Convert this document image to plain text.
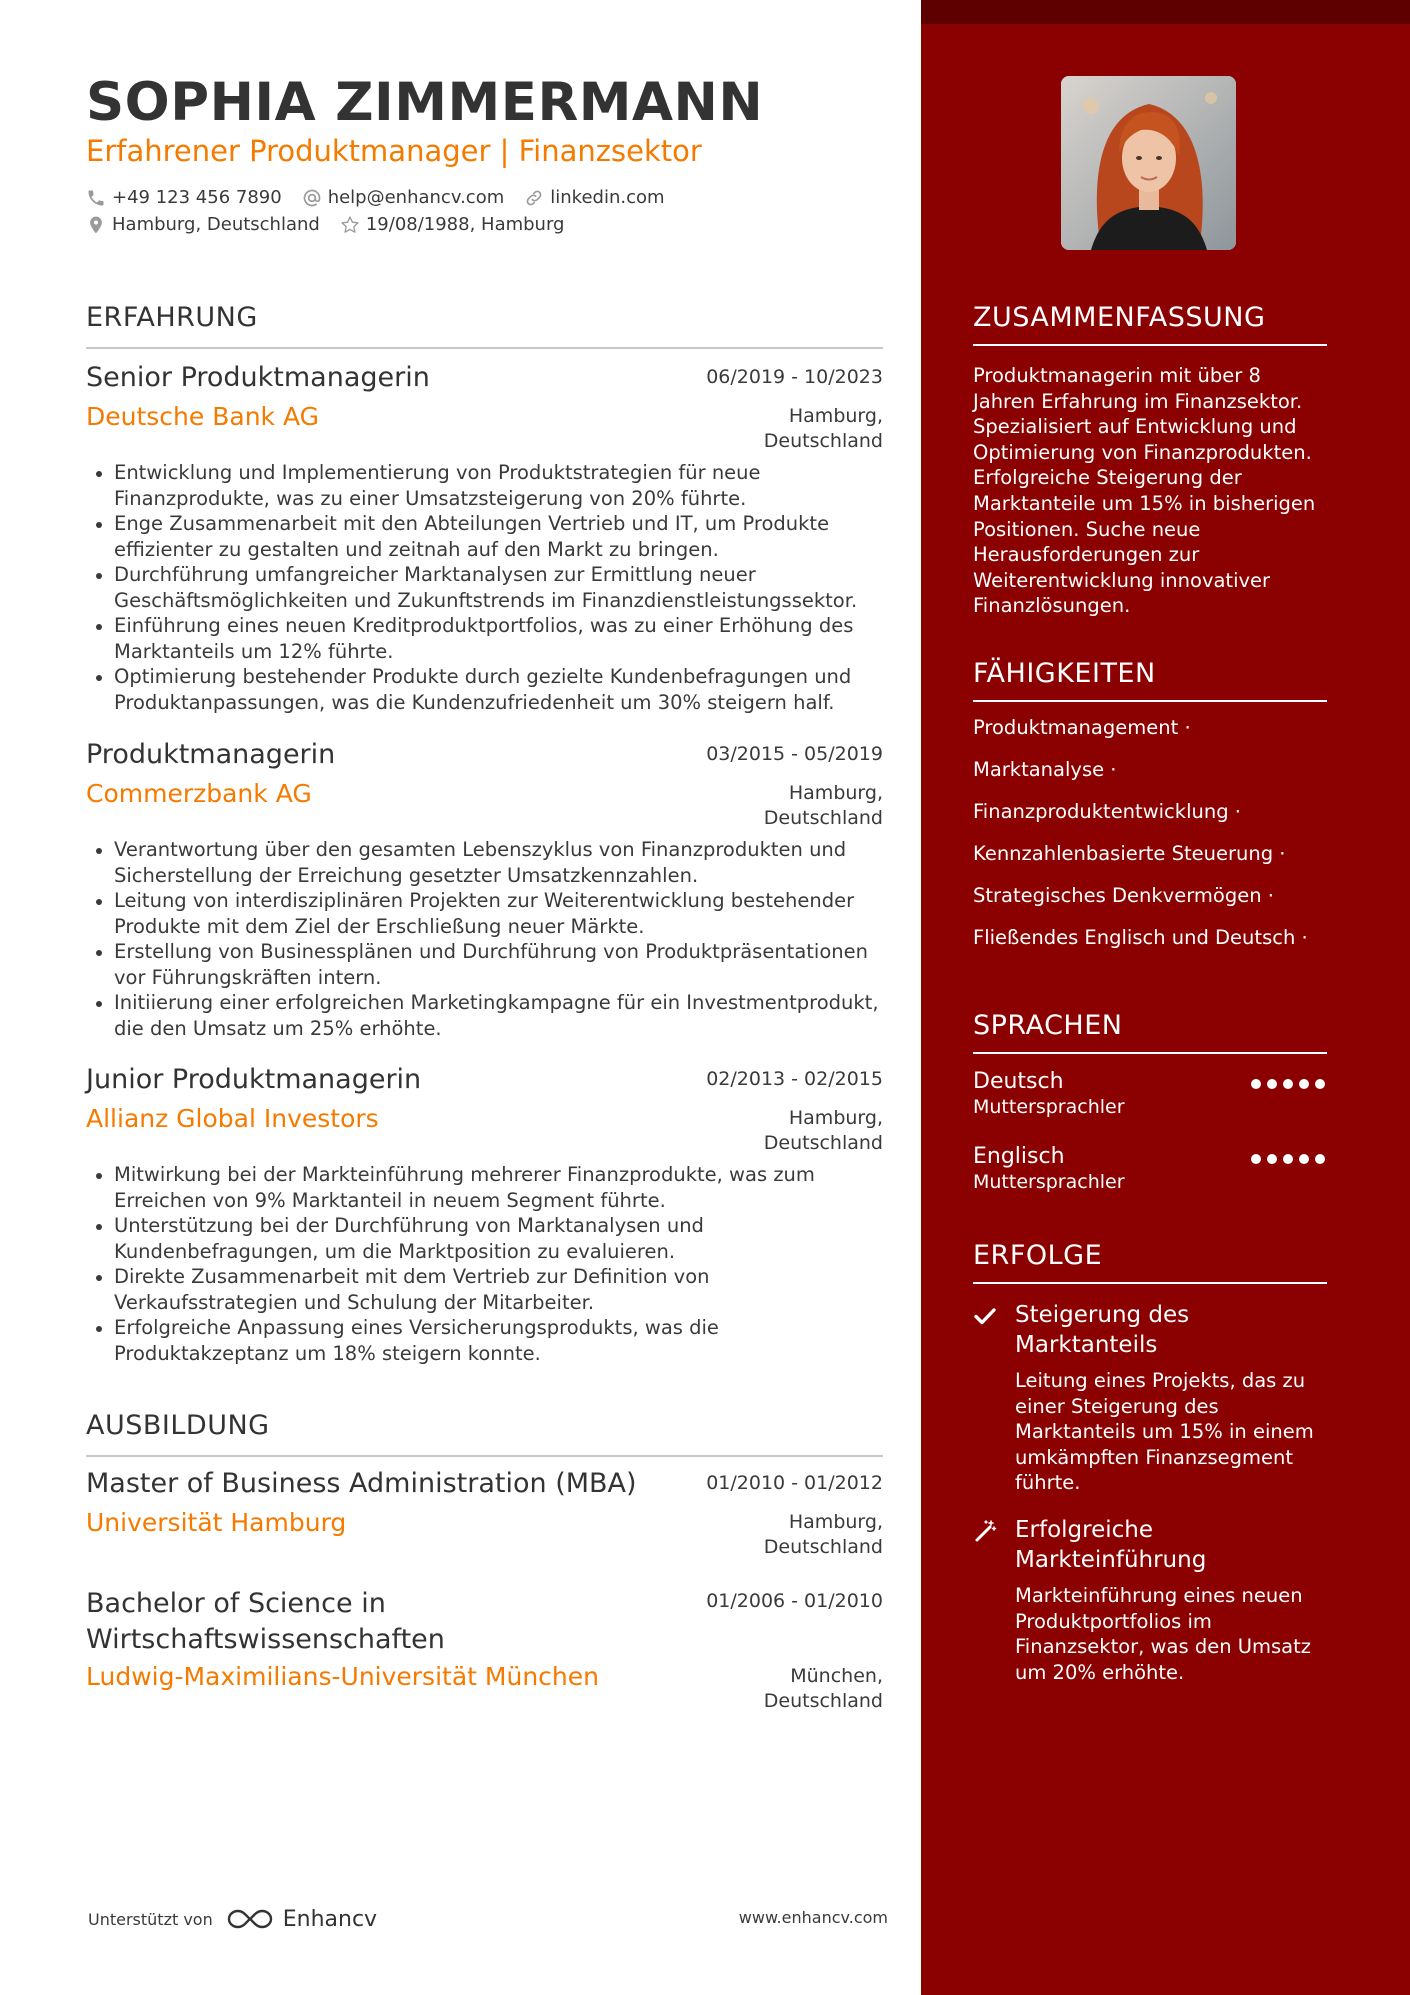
SOPHIA ZIMMERMANN
Erfahrener Produktmanager | Finanzsektor
+49 123 456 7890	help@enhancv.com	linkedin.com
Hamburg, Deutschland	19/08/1988, Hamburg
ERFAHRUNG
Senior Produktmanagerin	06/2019 - 10/2023
Deutsche Bank AG	Hamburg,
Deutschland
Entwicklung und Implementierung von Produktstrategien für neue Finanzprodukte, was zu einer Umsatzsteigerung von 20% führte.
Enge Zusammenarbeit mit den Abteilungen Vertrieb und IT, um Produkte effizienter zu gestalten und zeitnah auf den Markt zu bringen.
Durchführung umfangreicher Marktanalysen zur Ermittlung neuer Geschäftsmöglichkeiten und Zukunftstrends im Finanzdienstleistungssektor.
Einführung eines neuen Kreditproduktportfolios, was zu einer Erhöhung des Marktanteils um 12% führte.
Optimierung bestehender Produkte durch gezielte Kundenbefragungen und Produktanpassungen, was die Kundenzufriedenheit um 30% steigern half.
Produktmanagerin	03/2015 - 05/2019
Commerzbank AG	Hamburg,
Deutschland
Verantwortung über den gesamten Lebenszyklus von Finanzprodukten und Sicherstellung der Erreichung gesetzter Umsatzkennzahlen.
Leitung von interdisziplinären Projekten zur Weiterentwicklung bestehender Produkte mit dem Ziel der Erschließung neuer Märkte.
Erstellung von Businessplänen und Durchführung von Produktpräsentationen vor Führungskräften intern.
Initiierung einer erfolgreichen Marketingkampagne für ein Investmentprodukt, die den Umsatz um 25% erhöhte.
Junior Produktmanagerin	02/2013 - 02/2015
Allianz Global Investors	Hamburg,
Deutschland
Mitwirkung bei der Markteinführung mehrerer Finanzprodukte, was zum Erreichen von 9% Marktanteil in neuem Segment führte.
Unterstützung bei der Durchführung von Marktanalysen und Kundenbefragungen, um die Marktposition zu evaluieren.
Direkte Zusammenarbeit mit dem Vertrieb zur Definition von Verkaufsstrategien und Schulung der Mitarbeiter.
Erfolgreiche Anpassung eines Versicherungsprodukts, was die Produktakzeptanz um 18% steigern konnte.
AUSBILDUNG
Master of Business Administration (MBA)	01/2010 - 01/2012
Universität Hamburg	Hamburg,
Deutschland
Bachelor of Science in Wirtschaftswissenschaften
01/2006 - 01/2010
Ludwig-Maximilians-Universität München	München,
Deutschland
Unterstützt von	Enhancv	www.enhancv.com
ZUSAMMENFASSUNG
Produktmanagerin mit über 8 Jahren Erfahrung im Finanzsektor. Spezialisiert auf Entwicklung und Optimierung von Finanzprodukten. Erfolgreiche Steigerung der Marktanteile um 15% in bisherigen Positionen. Suche neue Herausforderungen zur Weiterentwicklung innovativer Finanzlösungen.
FÄHIGKEITEN
Produktmanagement ·
Marktanalyse ·
Finanzproduktentwicklung ·
Kennzahlenbasierte Steuerung ·
Strategisches Denkvermögen ·
Fließendes Englisch und Deutsch ·
SPRACHEN
Deutsch
Muttersprachler
Englisch
Muttersprachler
ERFOLGE
Steigerung des Marktanteils
Leitung eines Projekts, das zu einer Steigerung des Marktanteils um 15% in einem umkämpften Finanzsegment führte.
Erfolgreiche Markteinführung
Markteinführung eines neuen Produktportfolios im Finanzsektor, was den Umsatz um 20% erhöhte.
